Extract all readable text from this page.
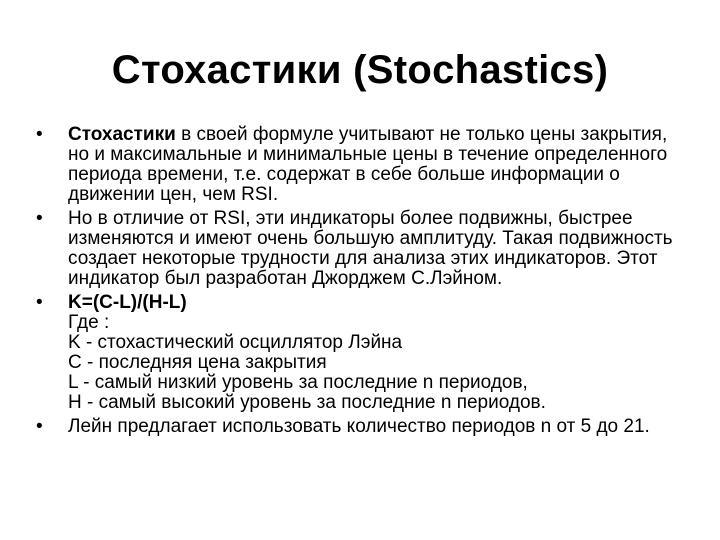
Стохастики (Stochastics)
•	Стохастики в своей формуле учитывают не только цены закрытия, но и максимальные и минимальные цены в течение определенного периода времени, т.е. содержат в себе больше информации о движении цен, чем RSI.
•	Но в отличие от RSI, эти индикаторы более подвижны, быстрее изменяются и имеют очень большую амплитуду. Такая подвижность создает некоторые трудности для анализа этих индикаторов. Этот индикатор был разработан Джорджем С.Лэйном.
•	K=(C-L)/(H-L)
Где :
K - стохастический осциллятор Лэйна
C - последняя цена закрытия
L - самый низкий уровень за последние n периодов,
H - самый высокий уровень за последние n периодов.
•	Лейн предлагает использовать количество периодов n от 5 до 21.
